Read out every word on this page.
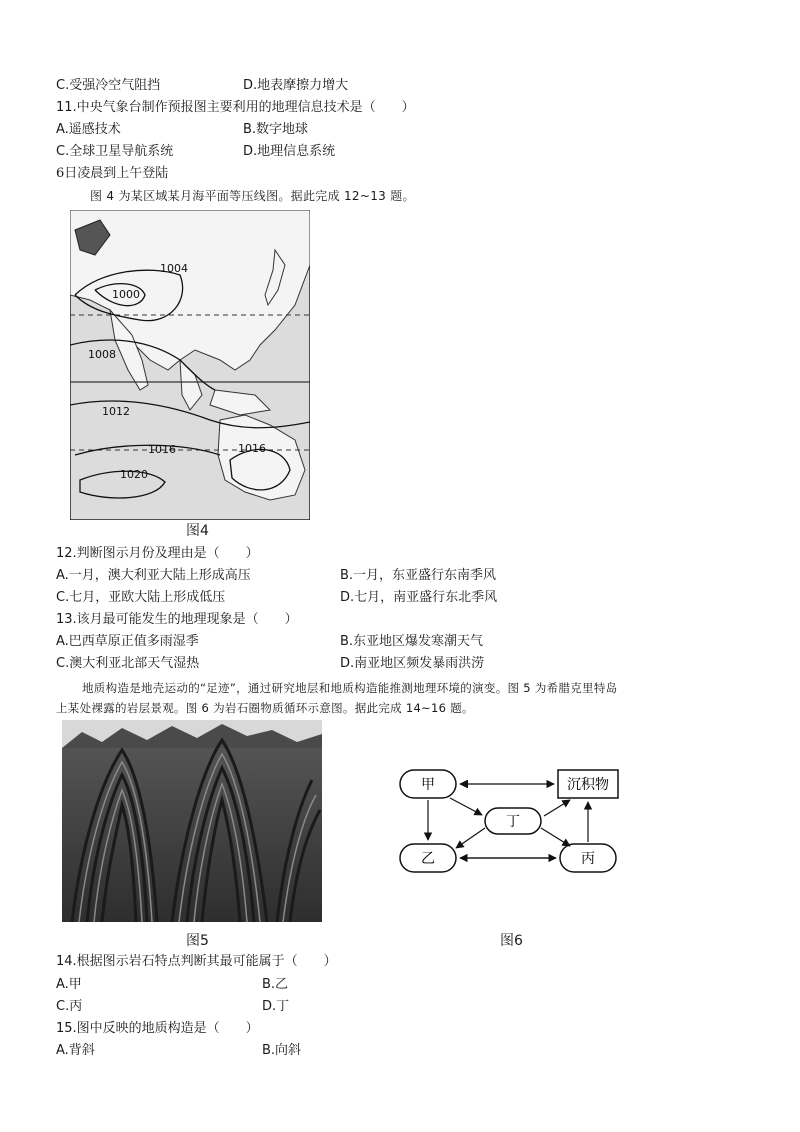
C.受强冷空气阻挡	D.地表摩擦力增大
11.中央气象台制作预报图主要利用的地理信息技术是（　　）
A.遥感技术	B.数字地球
C.全球卫星导航系统	D.地理信息系统
6日凌晨到上午登陆
图 4 为某区域某月海平面等压线图。据此完成 12~13 题。
1004
1000
1008
1012
1016
1020
1016
图4
12.判断图示月份及理由是（　　）
A.一月，澳大利亚大陆上形成高压	B.一月，东亚盛行东南季风
C.七月，亚欧大陆上形成低压	D.七月，南亚盛行东北季风
13.该月最可能发生的地理现象是（　　）
A.巴西草原正值多雨湿季	B.东亚地区爆发寒潮天气
C.澳大利亚北部天气湿热	D.南亚地区频发暴雨洪涝
地质构造是地壳运动的“足迹”，通过研究地层和地质构造能推测地理环境的演变。图 5 为希腊克里特岛
上某处裸露的岩层景观。图 6 为岩石圈物质循环示意图。据此完成 14~16 题。
图5
甲	沉积物
丁
乙	丙
图6
14.根据图示岩石特点判断其最可能属于（　　）
A.甲	B.乙
C.丙	D.丁
15.图中反映的地质构造是（　　）
A.背斜	B.向斜
